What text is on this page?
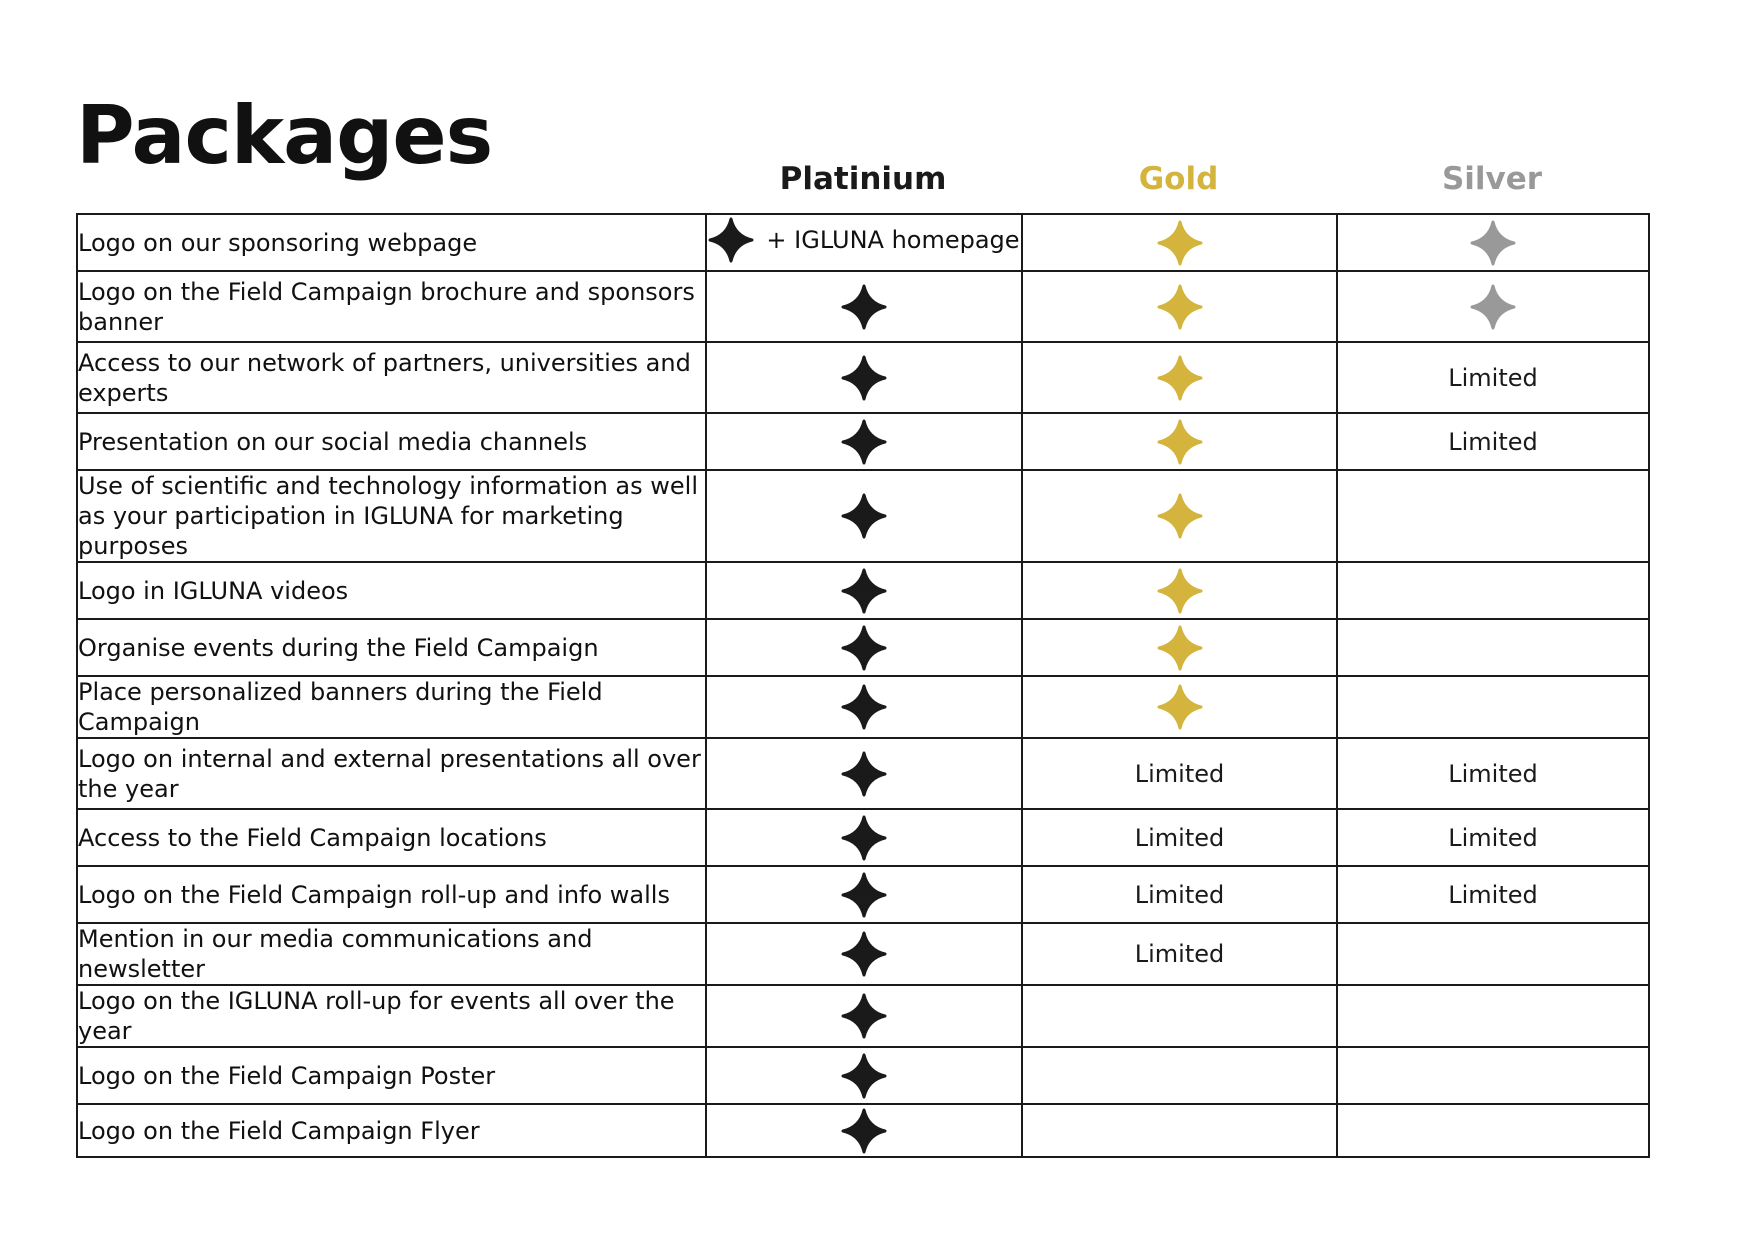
Packages	Platinium	Gold	Silver
Logo on our sponsoring webpage	+ IGLUNA homepage

Logo on the Field Campaign brochure and sponsors banner	

Access to our network of partners, universities and experts			Limited
Presentation on our social media channels			Limited
Use of scientific and technology information as well as your participation in IGLUNA for marketing purposes	

Logo in IGLUNA videos	

Organise events during the Field Campaign	

Place personalized banners during the Field Campaign	

Logo on internal and external presentations all over the year		Limited	Limited
Access to the Field Campaign locations		Limited	Limited
Logo on the Field Campaign roll-up and info walls		Limited	Limited
Mention in our media communications and newsletter		Limited	
Logo on the IGLUNA roll-up for events all over the year	

Logo on the Field Campaign Poster	

Logo on the Field Campaign Flyer	
